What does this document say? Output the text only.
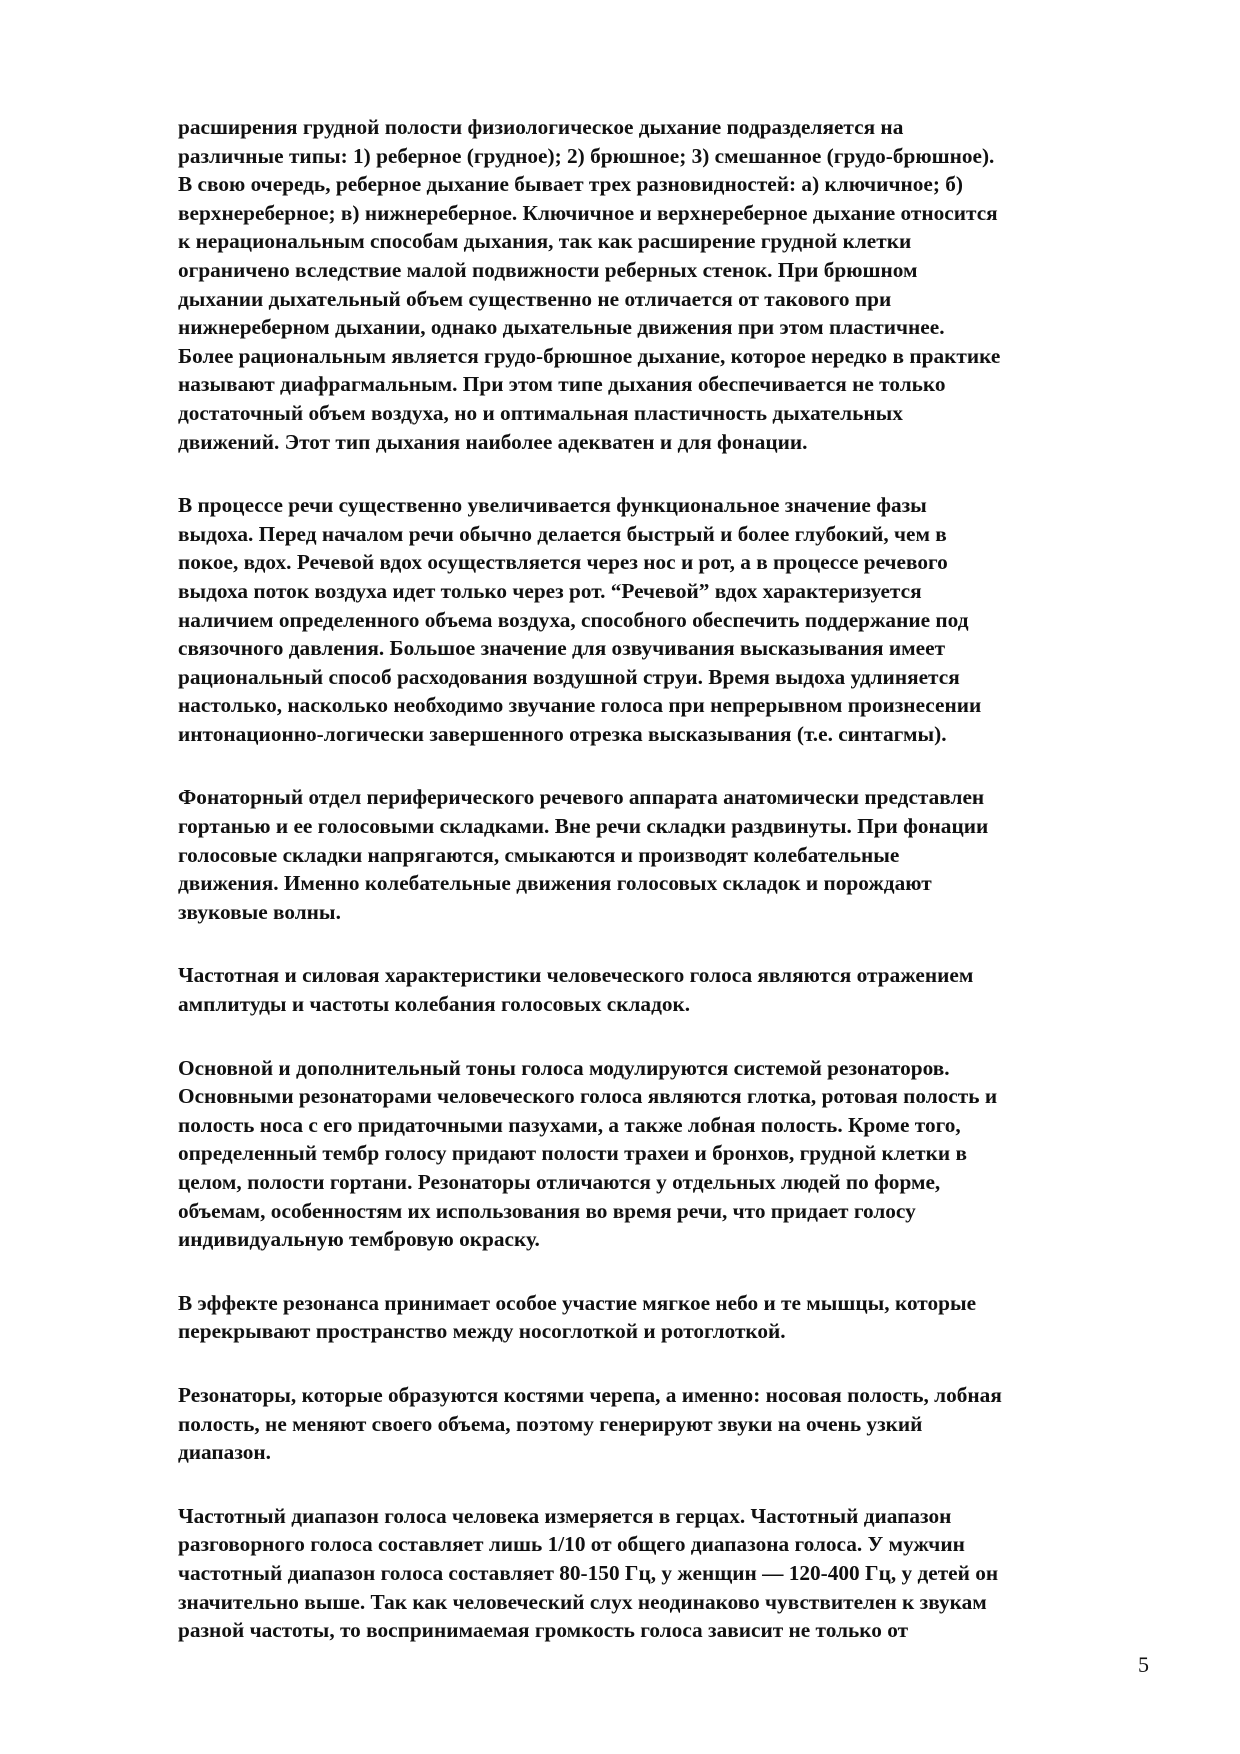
расширения грудной полости физиологическое дыхание подразделяется на
различные типы: 1) реберное (грудное); 2) брюшное; 3) смешанное (грудо-брюшное).
В свою очередь, реберное дыхание бывает трех разновидностей: а) ключичное; б)
верхнереберное; в) нижнереберное. Ключичное и верхнереберное дыхание относится
к нерациональным способам дыхания, так как расширение грудной клетки
ограничено вследствие малой подвижности реберных стенок. При брюшном
дыхании дыхательный объем существенно не отличается от такового при
нижнереберном дыхании, однако дыхательные движения при этом пластичнее.
Более рациональным является грудо-брюшное дыхание, которое нередко в практике
называют диафрагмальным. При этом типе дыхания обеспечивается не только
достаточный объем воздуха, но и оптимальная пластичность дыхательных
движений. Этот тип дыхания наиболее адекватен и для фонации.
В процессе речи существенно увеличивается функциональное значение фазы
выдоха. Перед началом речи обычно делается быстрый и более глубокий, чем в
покое, вдох. Речевой вдох осуществляется через нос и рот, а в процессе речевого
выдоха поток воздуха идет только через рот. “Речевой” вдох характеризуется
наличием определенного объема воздуха, способного обеспечить поддержание под
связочного давления. Большое значение для озвучивания высказывания имеет
рациональный способ расходования воздушной струи. Время выдоха удлиняется
настолько, насколько необходимо звучание голоса при непрерывном произнесении
интонационно-логически завершенного отрезка высказывания (т.е. синтагмы).
Фонаторный отдел периферического речевого аппарата анатомически представлен
гортанью и ее голосовыми складками. Вне речи складки раздвинуты. При фонации
голосовые складки напрягаются, смыкаются и производят колебательные
движения. Именно колебательные движения голосовых складок и порождают
звуковые волны.
Частотная и силовая характеристики человеческого голоса являются отражением
амплитуды и частоты колебания голосовых складок.
Основной и дополнительный тоны голоса модулируются системой резонаторов.
Основными резонаторами человеческого голоса являются глотка, ротовая полость и
полость носа с его придаточными пазухами, а также лобная полость. Кроме того,
определенный тембр голосу придают полости трахеи и бронхов, грудной клетки в
целом, полости гортани. Резонаторы отличаются у отдельных людей по форме,
объемам, особенностям их использования во время речи, что придает голосу
индивидуальную тембровую окраску.
В эффекте резонанса принимает особое участие мягкое небо и те мышцы, которые
перекрывают пространство между носоглоткой и ротоглоткой.
Резонаторы, которые образуются костями черепа, а именно: носовая полость, лобная
полость, не меняют своего объема, поэтому генерируют звуки на очень узкий
диапазон.
Частотный диапазон голоса человека измеряется в герцах. Частотный диапазон
разговорного голоса составляет лишь 1/10 от общего диапазона голоса. У мужчин
частотный диапазон голоса составляет 80-150 Гц, у женщин — 120-400 Гц, у детей он
значительно выше. Так как человеческий слух неодинаково чувствителен к звукам
разной частоты, то воспринимаемая громкость голоса зависит не только от
5
